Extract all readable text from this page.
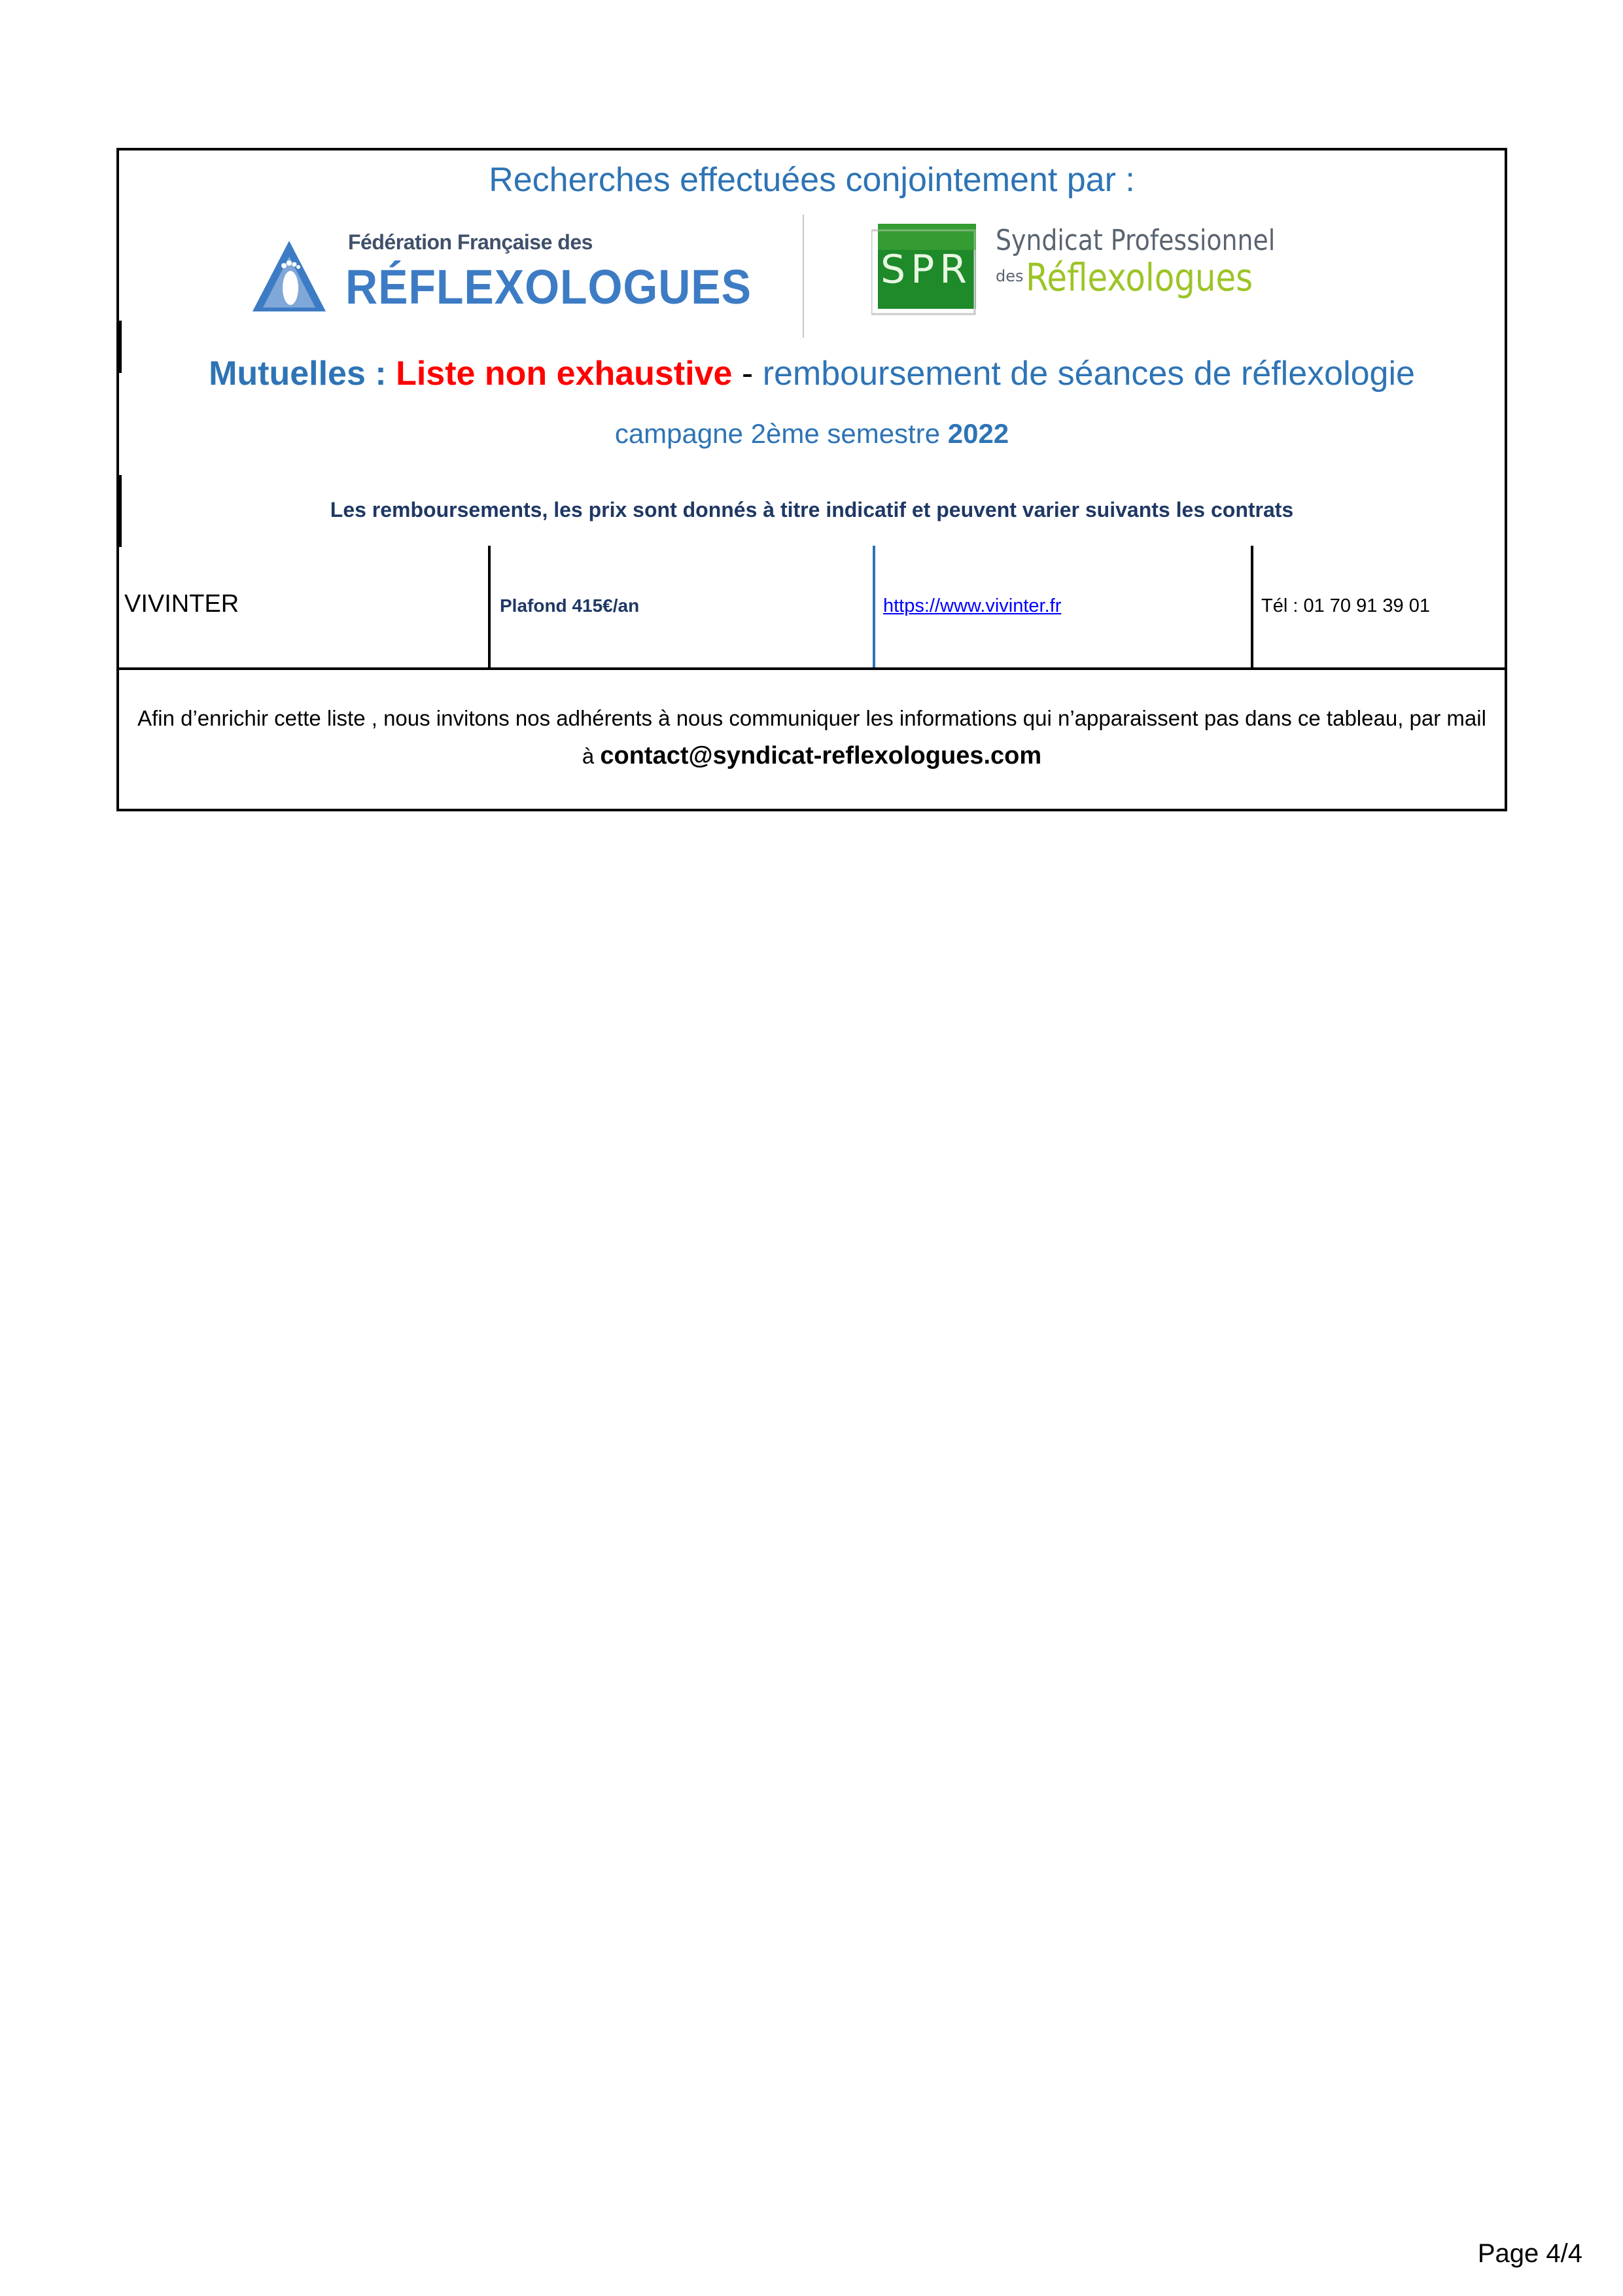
Recherches effectuées conjointement par :
Fédération Française des
RÉFLEXOLOGUES	SPR
Syndicat Professionnel
des Réflexologues
Mutuelles : Liste non exhaustive - remboursement de séances de réflexologie
campagne 2ème semestre 2022
Les remboursements, les prix sont donnés à titre indicatif et peuvent varier suivants les contrats
VIVINTER	Plafond 415€/an	https://www.vivinter.fr	Tél : 01 70 91 39 01
Afin d’enrichir cette liste , nous invitons nos adhérents à nous communiquer les informations qui n’apparaissent pas dans ce tableau, par mail à contact@syndicat-reflexologues.com
Page 4/4
